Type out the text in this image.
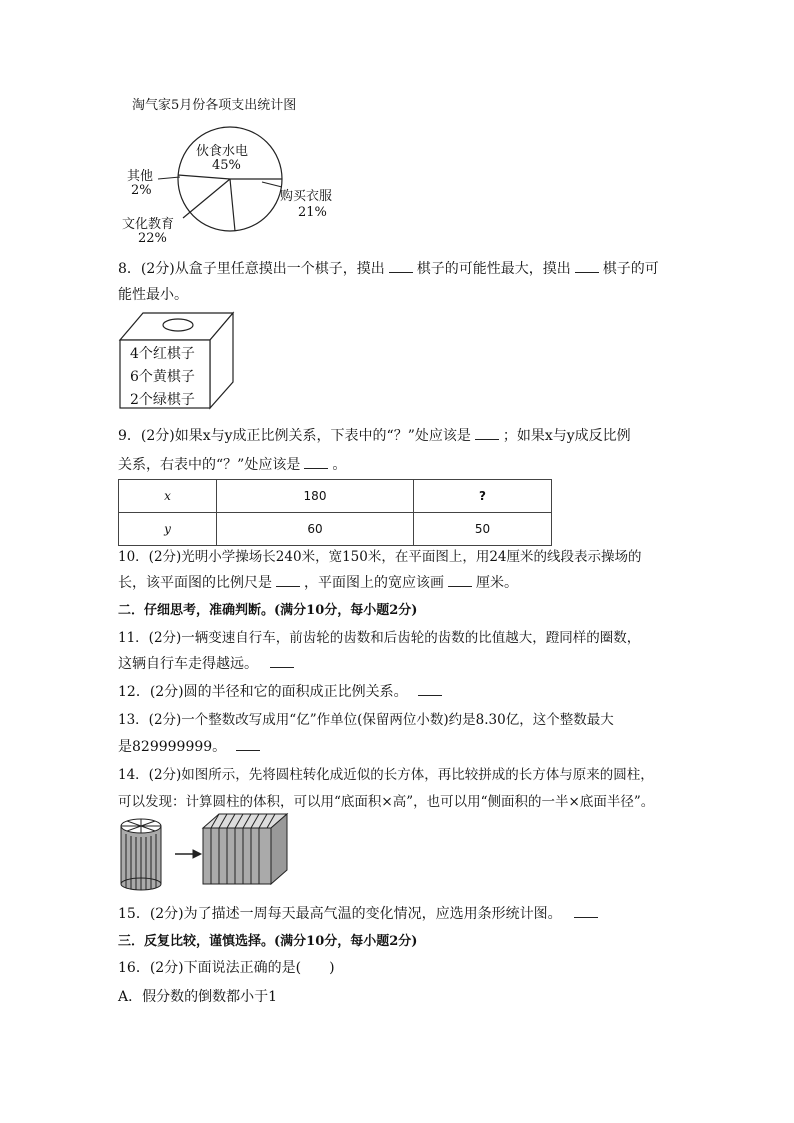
淘气家5月份各项支出统计图
伙食水电
45%
购买衣服
21%
文化教育
22%
其他
2%
8．(2分)从盒子里任意摸出一个棋子，摸出 棋子的可能性最大，摸出 棋子的可
能性最小。
4个红棋子
6个黄棋子
2个绿棋子
9．(2分)如果x与y成正比例关系，下表中的“？”处应该是 ；如果x与y成反比例
关系，右表中的“？”处应该是 。
x	180	?
y	60	50
10．(2分)光明小学操场长240米，宽150米，在平面图上，用24厘米的线段表示操场的
长，该平面图的比例尺是 ，平面图上的宽应该画 厘米。
二．仔细思考，准确判断。(满分10分，每小题2分)
11．(2分)一辆变速自行车，前齿轮的齿数和后齿轮的齿数的比值越大，蹬同样的圈数，
这辆自行车走得越远。
12．(2分)圆的半径和它的面积成正比例关系。
13．(2分)一个整数改写成用“亿”作单位(保留两位小数)约是8.30亿，这个整数最大
是829999999。
14．(2分)如图所示，先将圆柱转化成近似的长方体，再比较拼成的长方体与原来的圆柱，
可以发现：计算圆柱的体积，可以用“底面积×高”，也可以用“侧面积的一半×底面半径”。
15．(2分)为了描述一周每天最高气温的变化情况，应选用条形统计图。
三．反复比较，谨慎选择。(满分10分，每小题2分)
16．(2分)下面说法正确的是(　　)
A．假分数的倒数都小于1
